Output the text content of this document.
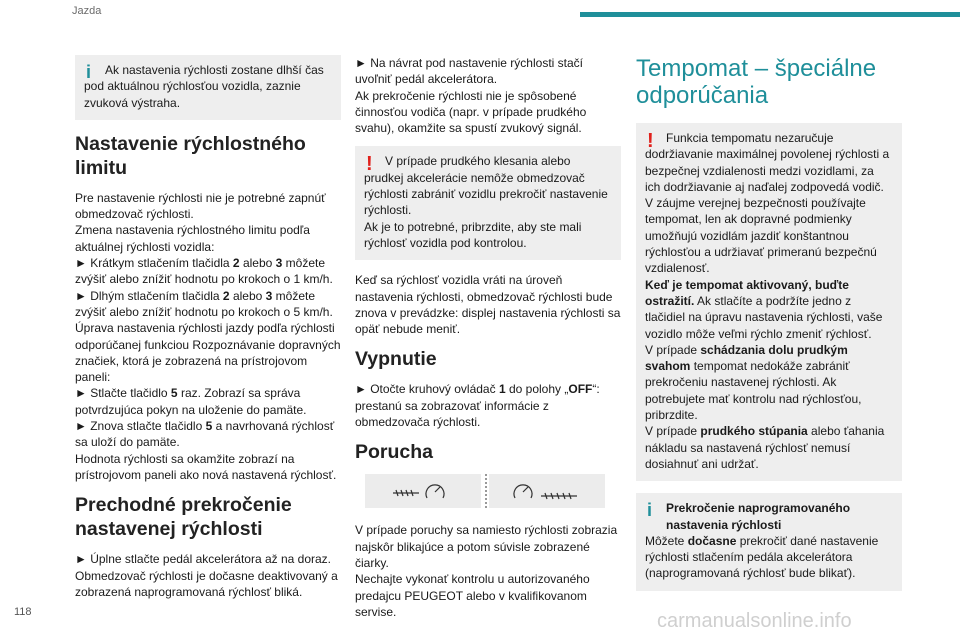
Jazda
i	Ak nastavenia rýchlosti zostane dlhší čas pod aktuálnou rýchlosťou vozidla, zaznie zvuková výstraha.

Nastavenie rýchlostného limitu

Pre nastavenie rýchlosti nie je potrebné zapnúť obmedzovač rýchlosti.

Zmena nastavenia rýchlostného limitu podľa aktuálnej rýchlosti vozidla:

► Krátkym stlačením tlačidla 2 alebo 3 môžete zvýšiť alebo znížiť hodnotu po krokoch o 1 km/h.

► Dlhým stlačením tlačidla 2 alebo 3 môžete zvýšiť alebo znížiť hodnotu po krokoch o 5 km/h.

Úprava nastavenia rýchlosti jazdy podľa rýchlosti odporúčanej funkciou Rozpoznávanie dopravných značiek, ktorá je zobrazená na prístrojovom paneli:

► Stlačte tlačidlo 5 raz. Zobrazí sa správa potvrdzujúca pokyn na uloženie do pamäte.

► Znova stlačte tlačidlo 5 a navrhovaná rýchlosť sa uloží do pamäte.

Hodnota rýchlosti sa okamžite zobrazí na prístrojovom paneli ako nová nastavená rýchlosť.

Prechodné prekročenie nastavenej rýchlosti

► Úplne stlačte pedál akcelerátora až na doraz.

Obmedzovač rýchlosti je dočasne deaktivovaný a zobrazená naprogramovaná rýchlosť bliká.

► Na návrat pod nastavenie rýchlosti stačí uvoľniť pedál akcelerátora.

Ak prekročenie rýchlosti nie je spôsobené činnosťou vodiča (napr. v prípade prudkého svahu), okamžite sa spustí zvukový signál.

!	V prípade prudkého klesania alebo prudkej akcelerácie nemôže obmedzovač rýchlosti zabrániť vozidlu prekročiť nastavenie rýchlosti.

Ak je to potrebné, pribrzdite, aby ste mali rýchlosť vozidla pod kontrolou.

Keď sa rýchlosť vozidla vráti na úroveň nastavenia rýchlosti, obmedzovač rýchlosti bude znova v prevádzke: displej nastavenia rýchlosti sa opäť nebude meniť.

Vypnutie

► Otočte kruhový ovládač 1 do polohy „OFF“: prestanú sa zobrazovať informácie z obmedzovača rýchlosti.

Porucha

V prípade poruchy sa namiesto rýchlosti zobrazia najskôr blikajúce a potom súvisle zobrazené čiarky.

Nechajte vykonať kontrolu u autorizovaného predajcu PEUGEOT alebo v kvalifikovanom servise.

Tempomat – špeciálne odporúčania
!	Funkcia tempomatu nezaručuje dodržiavanie maximálnej povolenej rýchlosti a bezpečnej vzdialenosti medzi vozidlami, za ich dodržiavanie aj naďalej zodpovedá vodič.

V záujme verejnej bezpečnosti používajte tempomat, len ak dopravné podmienky umožňujú vozidlám jazdiť konštantnou rýchlosťou a udržiavať primeranú bezpečnú vzdialenosť.

Keď je tempomat aktivovaný, buďte ostražití. Ak stlačíte a podržíte jedno z tlačidiel na úpravu nastavenia rýchlosti, vaše vozidlo môže veľmi rýchlo zmeniť rýchlosť.

V prípade schádzania dolu prudkým svahom tempomat nedokáže zabrániť prekročeniu nastavenej rýchlosti. Ak potrebujete mať kontrolu nad rýchlosťou, pribrzdite.

V prípade prudkého stúpania alebo ťahania nákladu sa nastavená rýchlosť nemusí dosiahnuť ani udržať.

i	Prekročenie naprogramovaného nastavenia rýchlosti

Môžete dočasne prekročiť dané nastavenie rýchlosti stlačením pedála akcelerátora (naprogramovaná rýchlosť bude blikať).

118	carmanualsonline.info
